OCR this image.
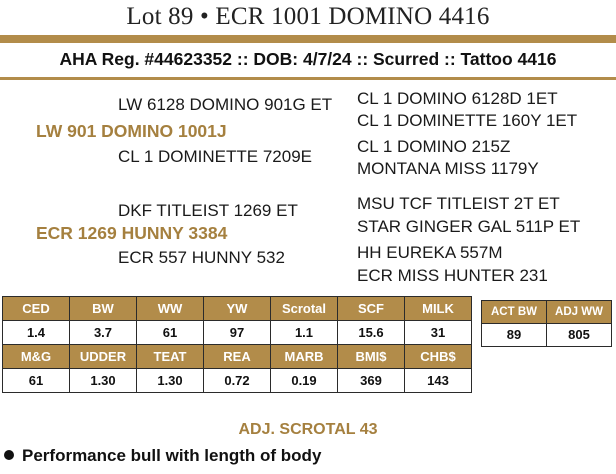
Lot 89 • ECR 1001 DOMINO 4416
AHA Reg. #44623352 :: DOB: 4/7/24 :: Scurred :: Tattoo 4416
LW 6128 DOMINO 901G ET
LW 901 DOMINO 1001J
CL 1 DOMINETTE 7209E
CL 1 DOMINO 6128D 1ET
CL 1 DOMINETTE 160Y 1ET
CL 1 DOMINO 215Z
MONTANA MISS 1179Y
DKF TITLEIST 1269 ET
ECR 1269 HUNNY 3384
ECR 557 HUNNY 532
MSU TCF TITLEIST 2T ET
STAR GINGER GAL 511P ET
HH EUREKA 557M
ECR MISS HUNTER 231
CED	BW	WW	YW	Scrotal	SCF	MILK
1.4	3.7	61	97	1.1	15.6	31
M&G	UDDER	TEAT	REA	MARB	BMI$	CHB$
61	1.30	1.30	0.72	0.19	369	143
ACT BW	ADJ WW
89	805
ADJ. SCROTAL 43
Performance bull with length of body
